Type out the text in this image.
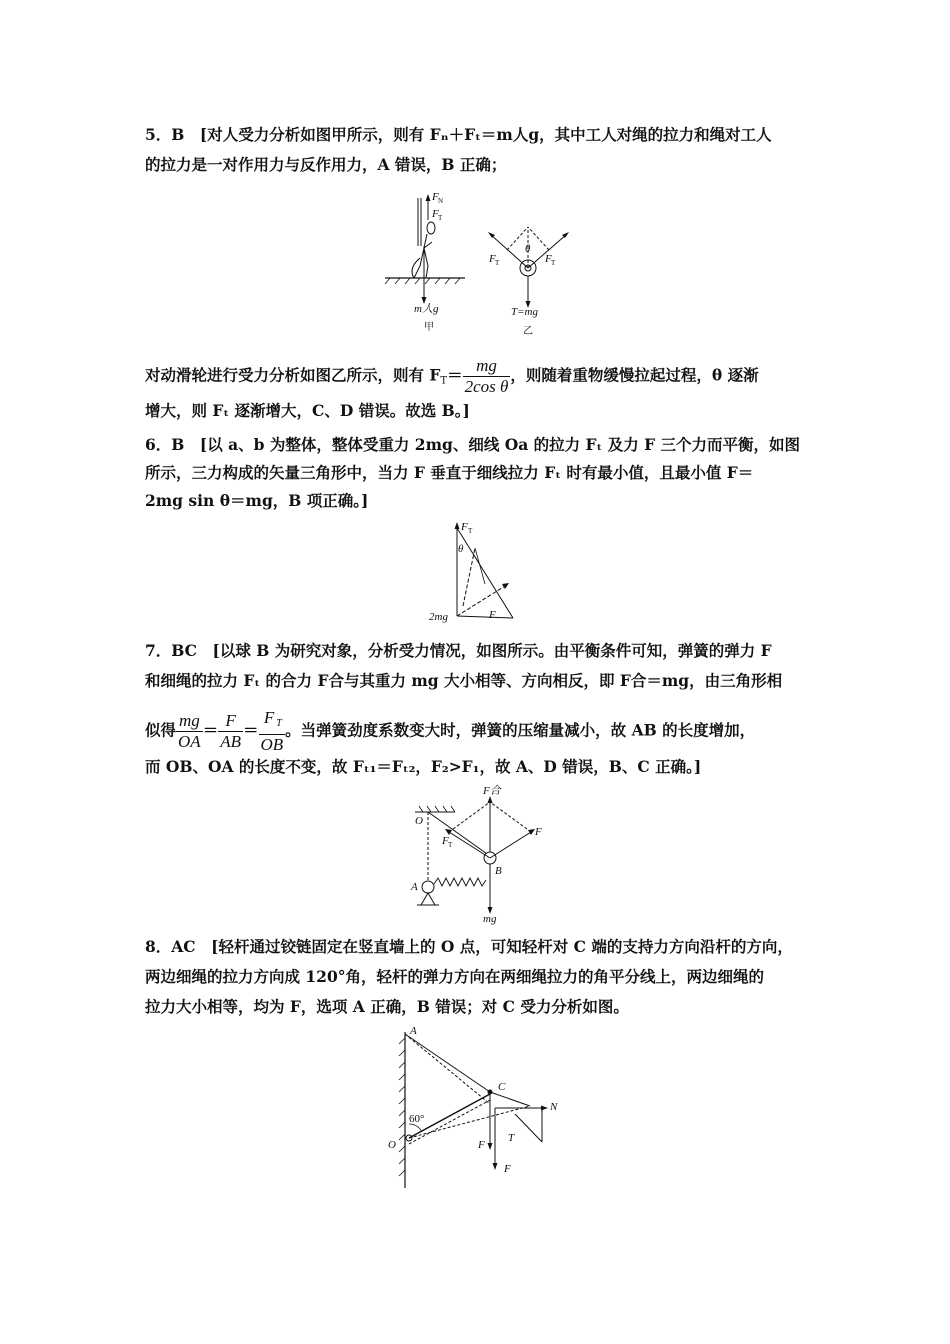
5．B　[对人受力分析如图甲所示，则有 Fₙ＋Fₜ＝m人g，其中工人对绳的拉力和绳对工人
的拉力是一对作用力与反作用力，A 错误，B 正确；
F N
F T
m人g
甲
θ
F T	F T
T=mg
乙
对动滑轮进行受力分析如图乙所示，则有 $F_T= \frac{mg}{\text{2cos θ}}$ ，则随着重物缓慢拉起过程，θ 逐渐
增大，则 Fₜ 逐渐增大，C、D 错误。故选 B。]
6．B　[以 a、b 为整体，整体受重力 2mg、细线 Oa 的拉力 Fₜ 及力 F 三个力而平衡，如图
所示，三力构成的矢量三角形中，当力 F 垂直于细线拉力 Fₜ 时有最小值，且最小值 F＝
2mg sin θ＝mg，B 项正确。]
F T
θ
2mg	F
7．BC　[以球 B 为研究对象，分析受力情况，如图所示。由平衡条件可知，弹簧的弹力 F
和细绳的拉力 Fₜ 的合力 F合与其重力 mg 大小相等、方向相反，即 F合＝mg，由三角形相
似得 $\frac{mg}{OA} = \frac{F}{AB} = \frac{F _T}{OB}$ 。当弹簧劲度系数变大时，弹簧的压缩量减小，故 AB 的长度增加，
而 OB、OA 的长度不变，故 Fₜ₁＝Fₜ₂，F₂>F₁，故 A、D 错误，B、C 正确。]
F合
O
F T
F
B
A
mg
8．AC　[轻杆通过铰链固定在竖直墙上的 O 点，可知轻杆对 C 端的支持力方向沿杆的方向，
两边细绳的拉力方向成 120°角，轻杆的弹力方向在两细绳拉力的角平分线上，两边细绳的
拉力大小相等，均为 F，选项 A 正确，B 错误；对 C 受力分析如图。
A
C
N
60°
O	F
T
F
